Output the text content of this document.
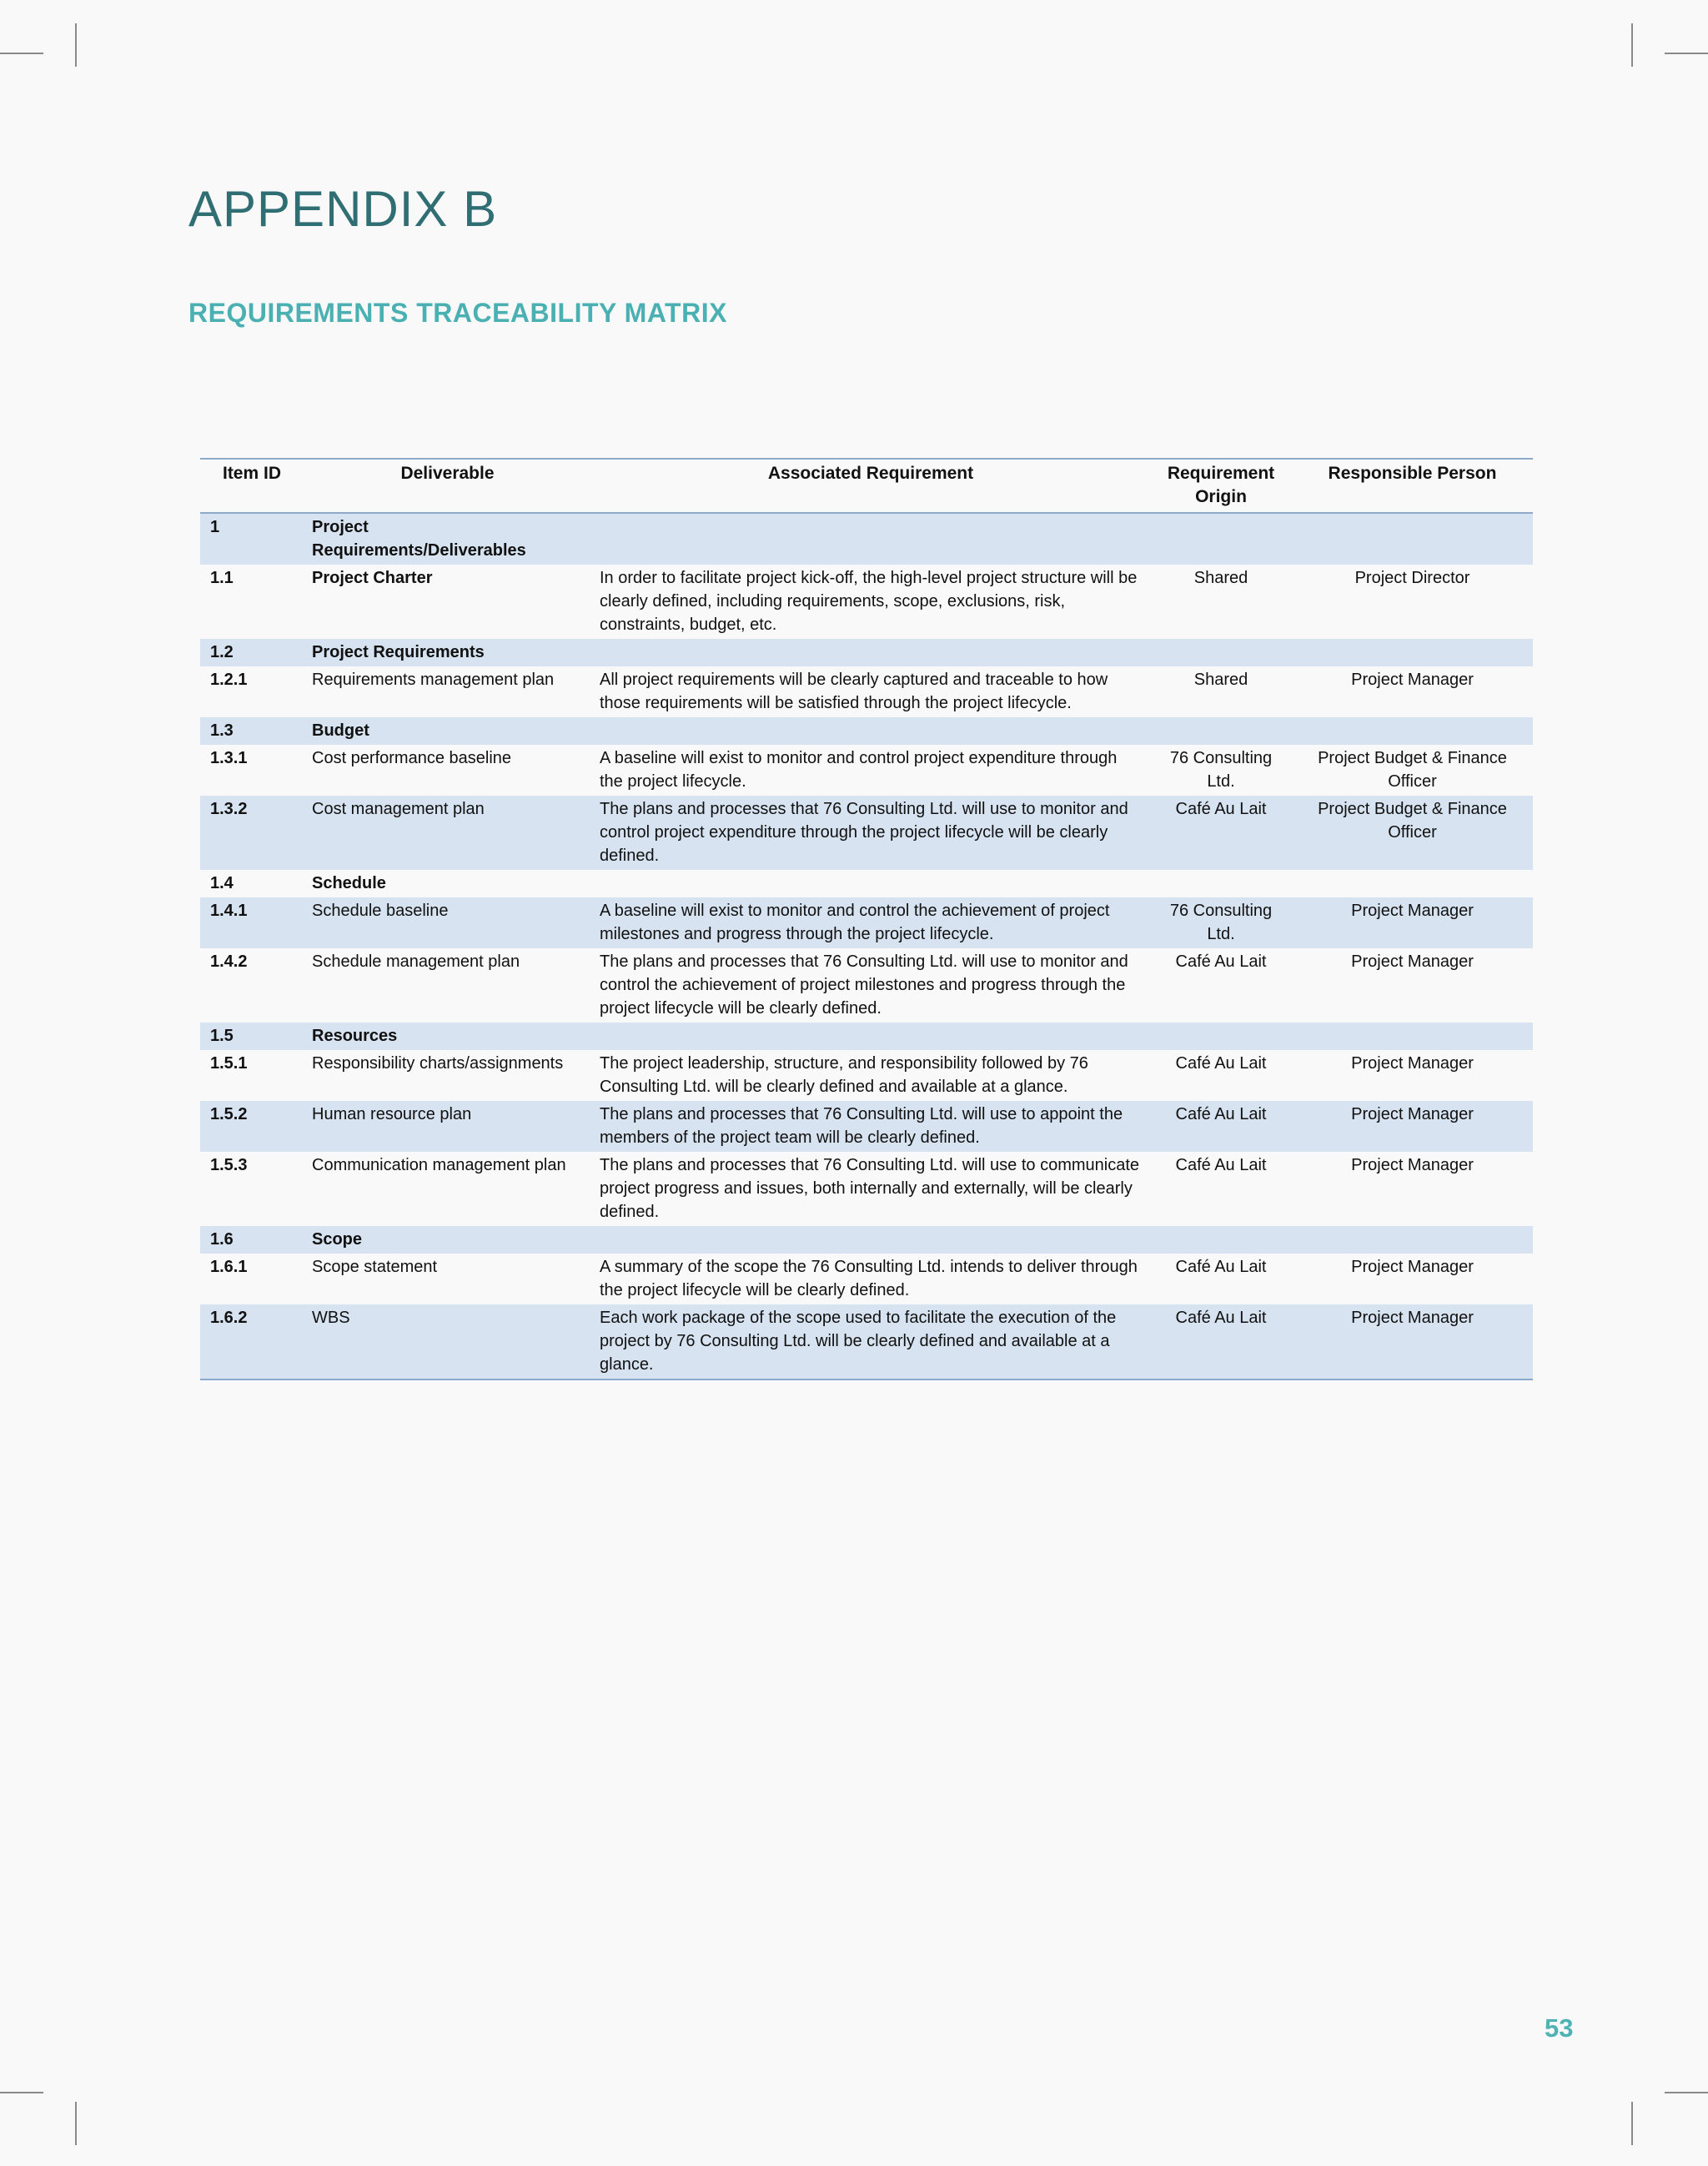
APPENDIX B
REQUIREMENTS TRACEABILITY MATRIX
Item ID	Deliverable	Associated Requirement	Requirement Origin	Responsible Person
1	Project Requirements/Deliverables			
1.1	Project Charter	In order to facilitate project kick-off, the high-level project structure will be clearly defined, including requirements, scope, exclusions, risk, constraints, budget, etc.	Shared	Project Director
1.2	Project Requirements			
1.2.1	Requirements management plan	All project requirements will be clearly captured and traceable to how those requirements will be satisfied through the project lifecycle.	Shared	Project Manager
1.3	Budget			
1.3.1	Cost performance baseline	A baseline will exist to monitor and control project expenditure through the project lifecycle.	76 Consulting Ltd.	Project Budget & Finance Officer
1.3.2	Cost management plan	The plans and processes that 76 Consulting Ltd. will use to monitor and control project expenditure through the project lifecycle will be clearly defined.	Café Au Lait	Project Budget & Finance Officer
1.4	Schedule			
1.4.1	Schedule baseline	A baseline will exist to monitor and control the achievement of project milestones and progress through the project lifecycle.	76 Consulting Ltd.	Project Manager
1.4.2	Schedule management plan	The plans and processes that 76 Consulting Ltd. will use to monitor and control the achievement of project milestones and progress through the project lifecycle will be clearly defined.	Café Au Lait	Project Manager
1.5	Resources			
1.5.1	Responsibility charts/assignments	The project leadership, structure, and responsibility followed by 76 Consulting Ltd. will be clearly defined and available at a glance.	Café Au Lait	Project Manager
1.5.2	Human resource plan	The plans and processes that 76 Consulting Ltd. will use to appoint the members of the project team will be clearly defined.	Café Au Lait	Project Manager
1.5.3	Communication management plan	The plans and processes that 76 Consulting Ltd. will use to communicate project progress and issues, both internally and externally, will be clearly defined.	Café Au Lait	Project Manager
1.6	Scope			
1.6.1	Scope statement	A summary of the scope the 76 Consulting Ltd. intends to deliver through the project lifecycle will be clearly defined.	Café Au Lait	Project Manager
1.6.2	WBS	Each work package of the scope used to facilitate the execution of the project by 76 Consulting Ltd. will be clearly defined and available at a glance.	Café Au Lait	Project Manager
53
